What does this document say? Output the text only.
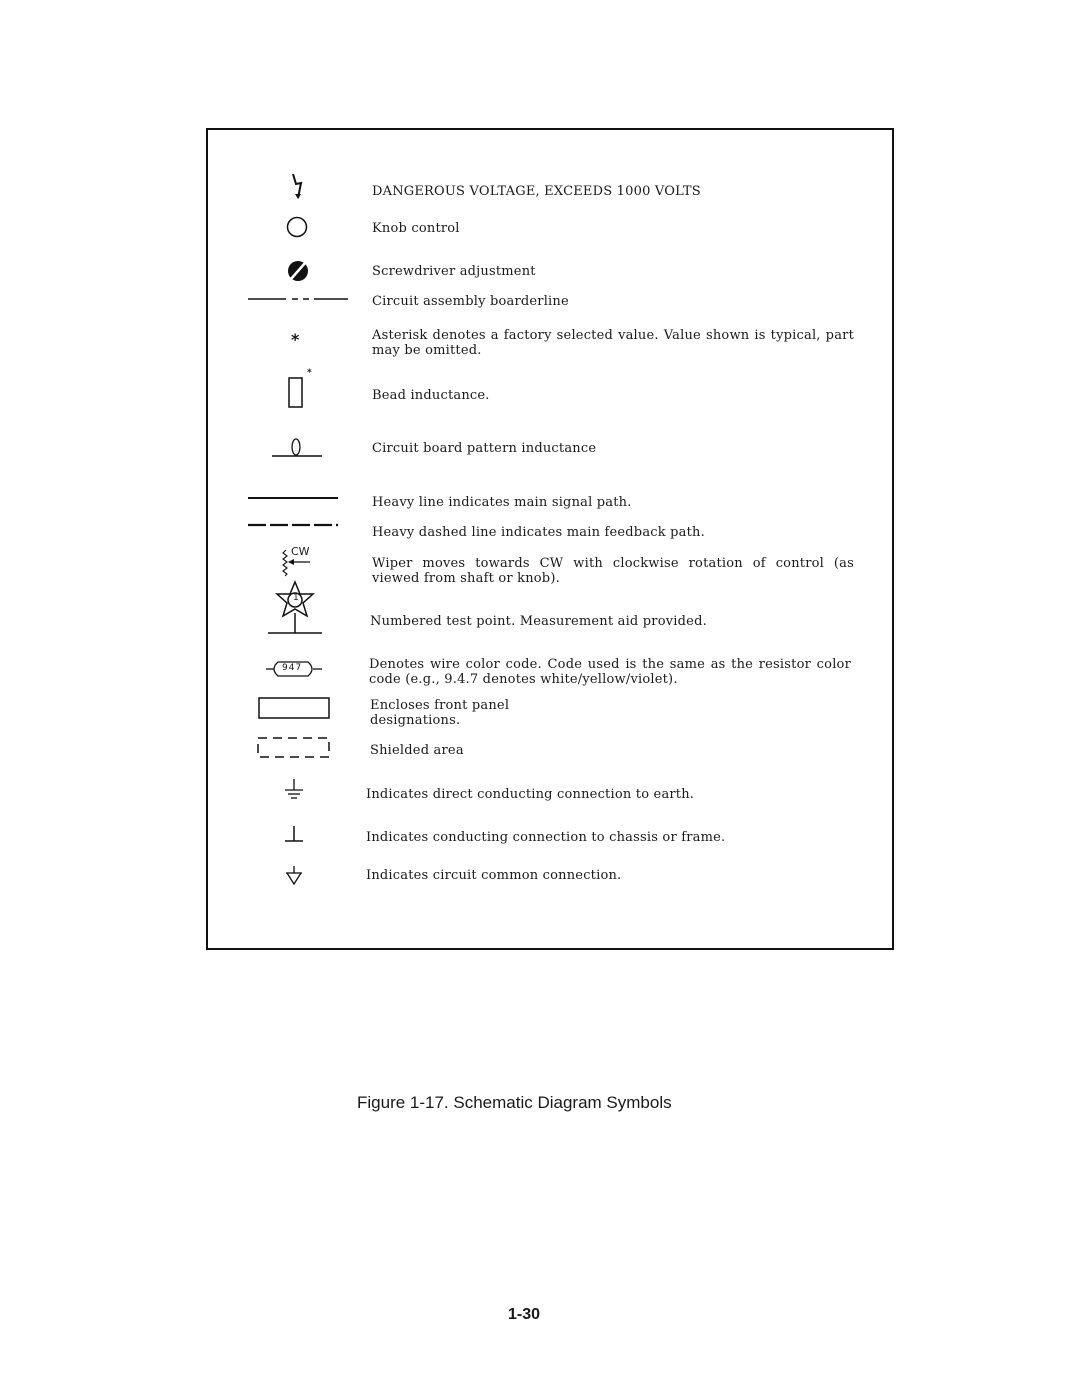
DANGEROUS VOLTAGE, EXCEEDS 1000 VOLTS
Knob control
Screwdriver adjustment
Circuit assembly boarderline
*	Asterisk denotes a factory selected value. Value shown is typical, part may be omitted.
*
Bead inductance.
Circuit board pattern inductance
Heavy line indicates main signal path.
Heavy dashed line indicates main feedback path.
CW
Wiper moves towards CW with clockwise rotation of control (as viewed from shaft or knob).
1
Numbered test point. Measurement aid provided.
947	Denotes wire color code. Code used is the same as the resistor color code (e.g., 9.4.7 denotes white/yellow/violet).
Encloses front panel designations.
Shielded area
Indicates direct conducting connection to earth.
Indicates conducting connection to chassis or frame.
Indicates circuit common connection.
Figure 1-17. Schematic Diagram Symbols
1-30
